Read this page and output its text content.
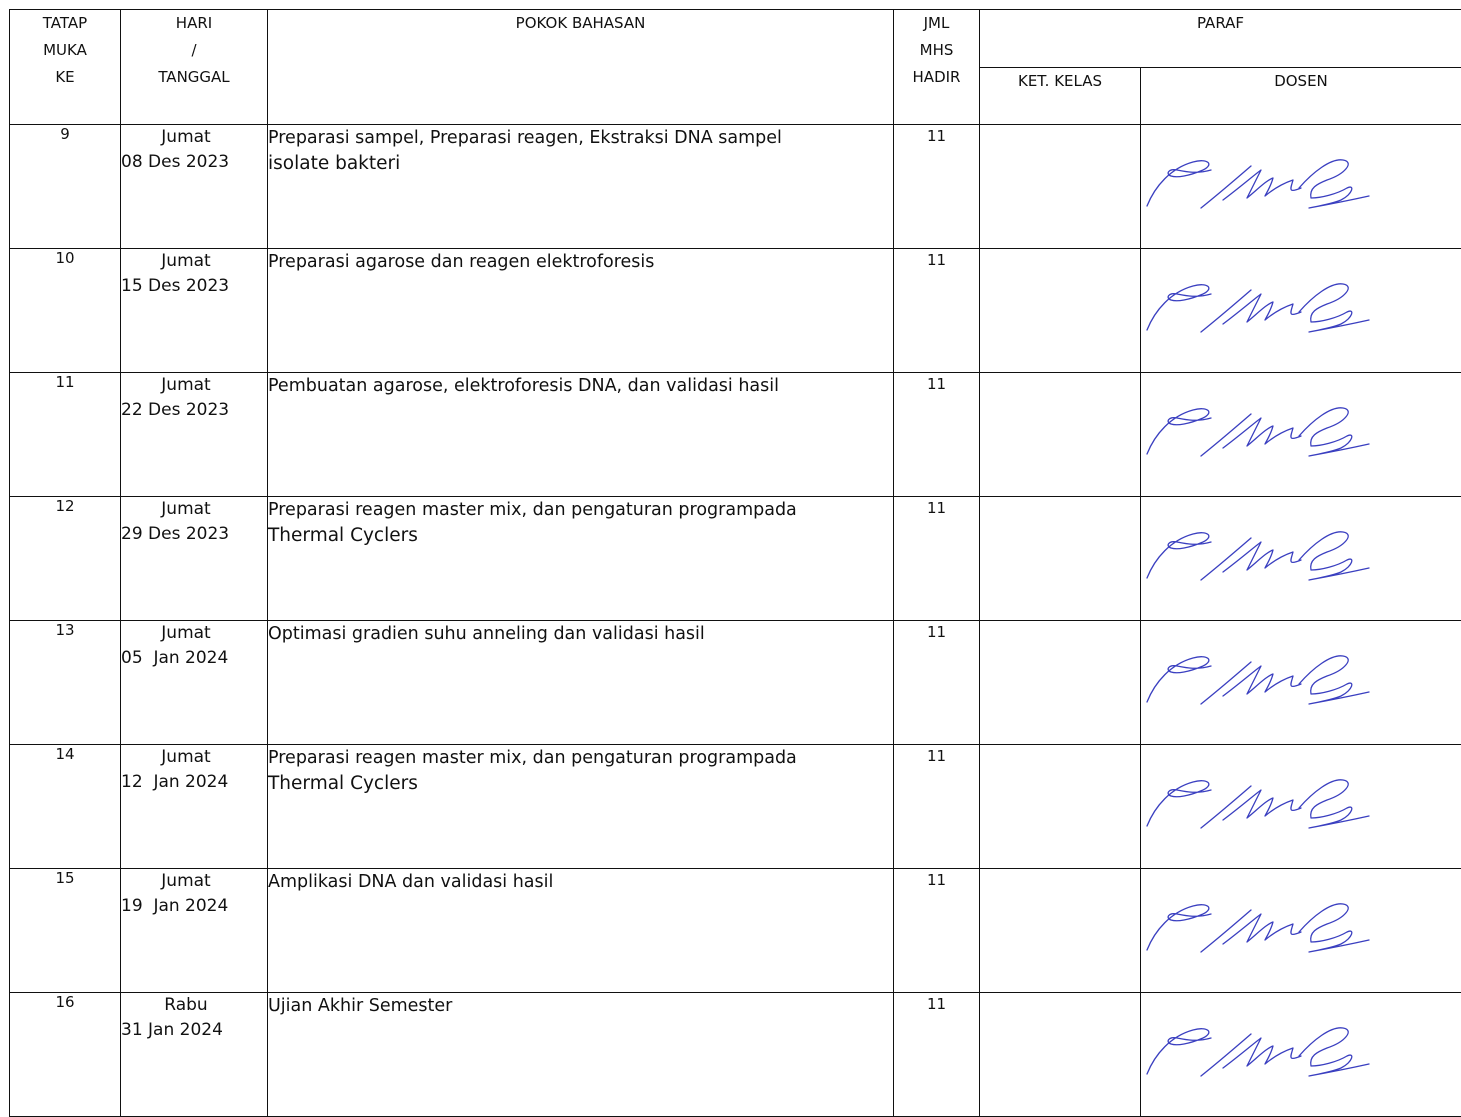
TATAP
MUKA
KE	HARI
/
TANGGAL	POKOK BAHASAN	JML
MHS
HADIR	PARAF	
				KET. KELAS	DOSEN
9	Jumat
08 Des 2023	Preparasi sampel, Preparasi reagen, Ekstraksi DNA sampel
isolate bakteri	11		

10	Jumat
15 Des 2023	Preparasi agarose dan reagen elektroforesis	11		

11	Jumat
22 Des 2023	Pembuatan agarose, elektroforesis DNA, dan validasi hasil	11		

12	Jumat
29 Des 2023	Preparasi reagen master mix, dan pengaturan programpada
Thermal Cyclers	11		

13	Jumat
05  Jan 2024	Optimasi gradien suhu anneling dan validasi hasil	11		

14	Jumat
12  Jan 2024	Preparasi reagen master mix, dan pengaturan programpada
Thermal Cyclers	11		

15	Jumat
19  Jan 2024	Amplikasi DNA dan validasi hasil	11		

16	Rabu
31 Jan 2024	Ujian Akhir Semester	11		
